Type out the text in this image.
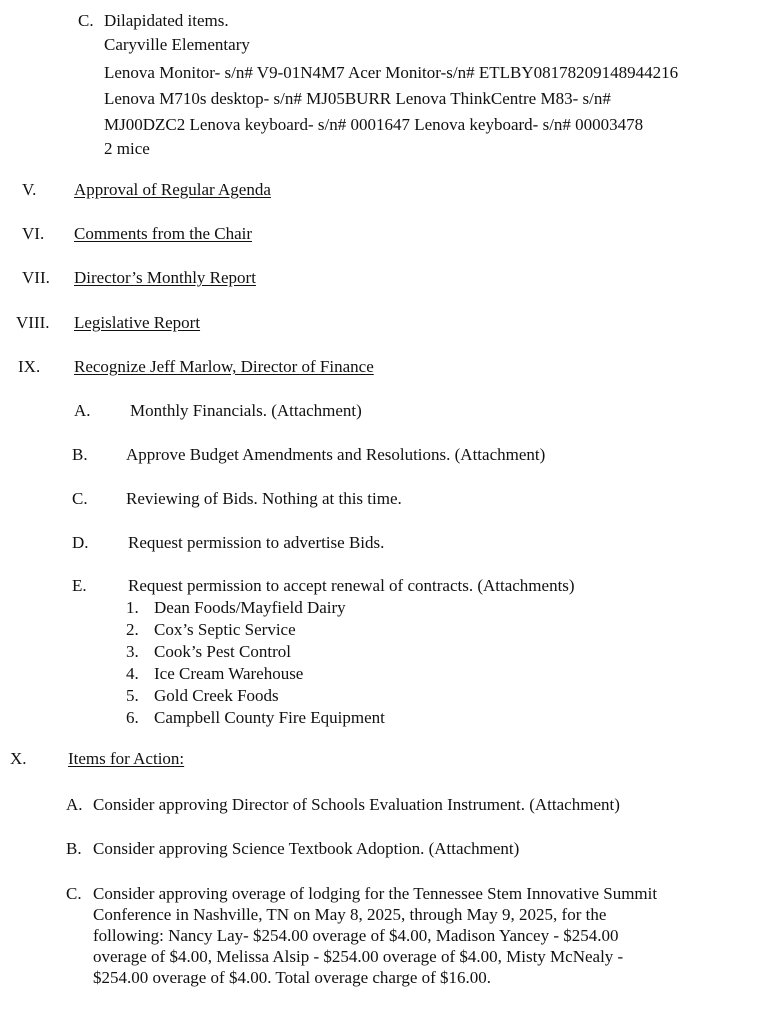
C. Dilapidated items.
Caryville Elementary
Lenova Monitor- s/n# V9-01N4M7 Acer Monitor-s/n# ETLBY08178209148944216
Lenova M710s desktop- s/n# MJ05BURR Lenova ThinkCentre M83- s/n#
MJ00DZC2 Lenova keyboard- s/n# 0001647 Lenova keyboard- s/n# 00003478
2 mice
V. Approval of Regular Agenda
VI. Comments from the Chair
VII. Director’s Monthly Report
VIII. Legislative Report
IX. Recognize Jeff Marlow, Director of Finance
A. Monthly Financials. (Attachment)
B. Approve Budget Amendments and Resolutions. (Attachment)
C. Reviewing of Bids. Nothing at this time.
D. Request permission to advertise Bids.
E. Request permission to accept renewal of contracts. (Attachments)
1. Dean Foods/Mayfield Dairy
2. Cox’s Septic Service
3. Cook’s Pest Control
4. Ice Cream Warehouse
5. Gold Creek Foods
6. Campbell County Fire Equipment
X. Items for Action:
A. Consider approving Director of Schools Evaluation Instrument. (Attachment)
B. Consider approving Science Textbook Adoption. (Attachment)
C. Consider approving overage of lodging for the Tennessee Stem Innovative Summit
Conference in Nashville, TN on May 8, 2025, through May 9, 2025, for the
following: Nancy Lay- $254.00 overage of $4.00, Madison Yancey - $254.00
overage of $4.00, Melissa Alsip - $254.00 overage of $4.00, Misty McNealy -
$254.00 overage of $4.00. Total overage charge of $16.00.
